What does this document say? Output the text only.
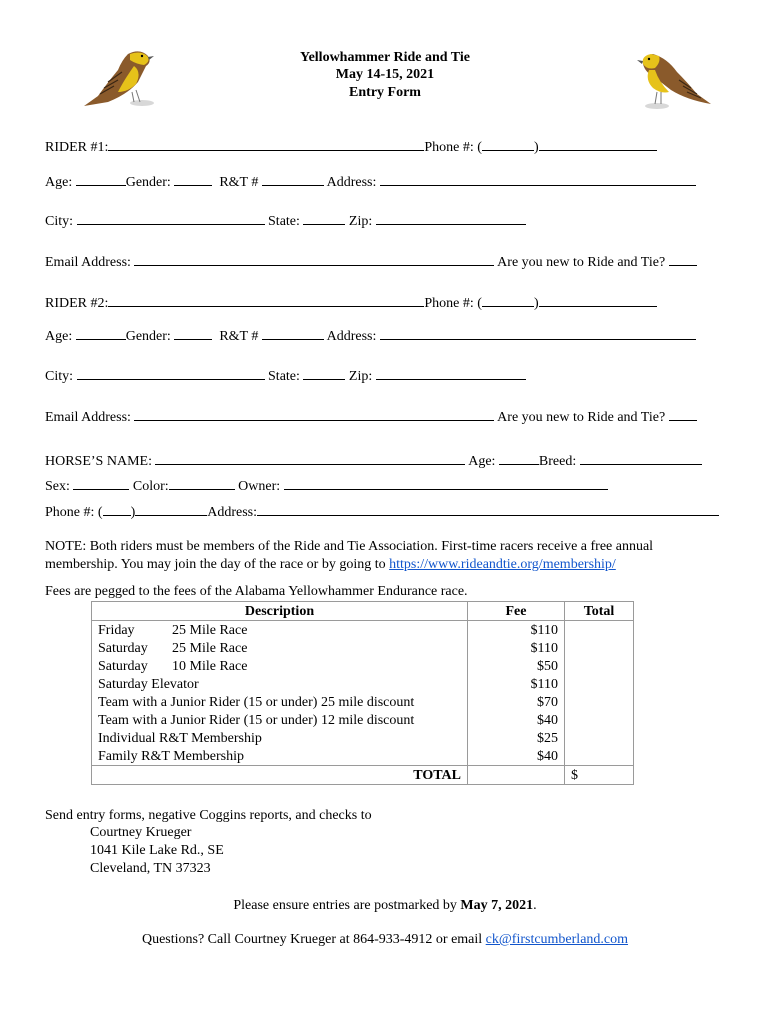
Yellowhammer Ride and Tie
May 14-15, 2021
Entry Form
RIDER #1:	Phone #: (	)
Age:	Gender:	R&T #	Address:
City:	State:	Zip:
Email Address:	Are you new to Ride and Tie?
RIDER #2:	Phone #: (	)
Age:	Gender:	R&T #	Address:
City:	State:	Zip:
Email Address:	Are you new to Ride and Tie?
HORSE’S NAME:	Age:	Breed:
Sex:	Color:	Owner:
Phone #: ( )	Address:
NOTE: Both riders must be members of the Ride and Tie Association. First-time racers receive a free annual
membership. You may join the day of the race or by going to https://www.rideandtie.org/membership/
Fees are pegged to the fees of the Alabama Yellowhammer Endurance race.
Description	Fee	Total
Friday 25 Mile Race	$110	
Saturday 25 Mile Race	$110	
Saturday 10 Mile Race	$50	
Saturday Elevator	$110	
Team with a Junior Rider (15 or under) 25 mile discount	$70	
Team with a Junior Rider (15 or under) 12 mile discount	$40	
Individual R&T Membership	$25	
Family R&T Membership	$40	
TOTAL		$
Send entry forms, negative Coggins reports, and checks to
Courtney Krueger
1041 Kile Lake Rd., SE
Cleveland, TN 37323
Please ensure entries are postmarked by May 7, 2021.
Questions? Call Courtney Krueger at 864-933-4912 or email ck@firstcumberland.com
